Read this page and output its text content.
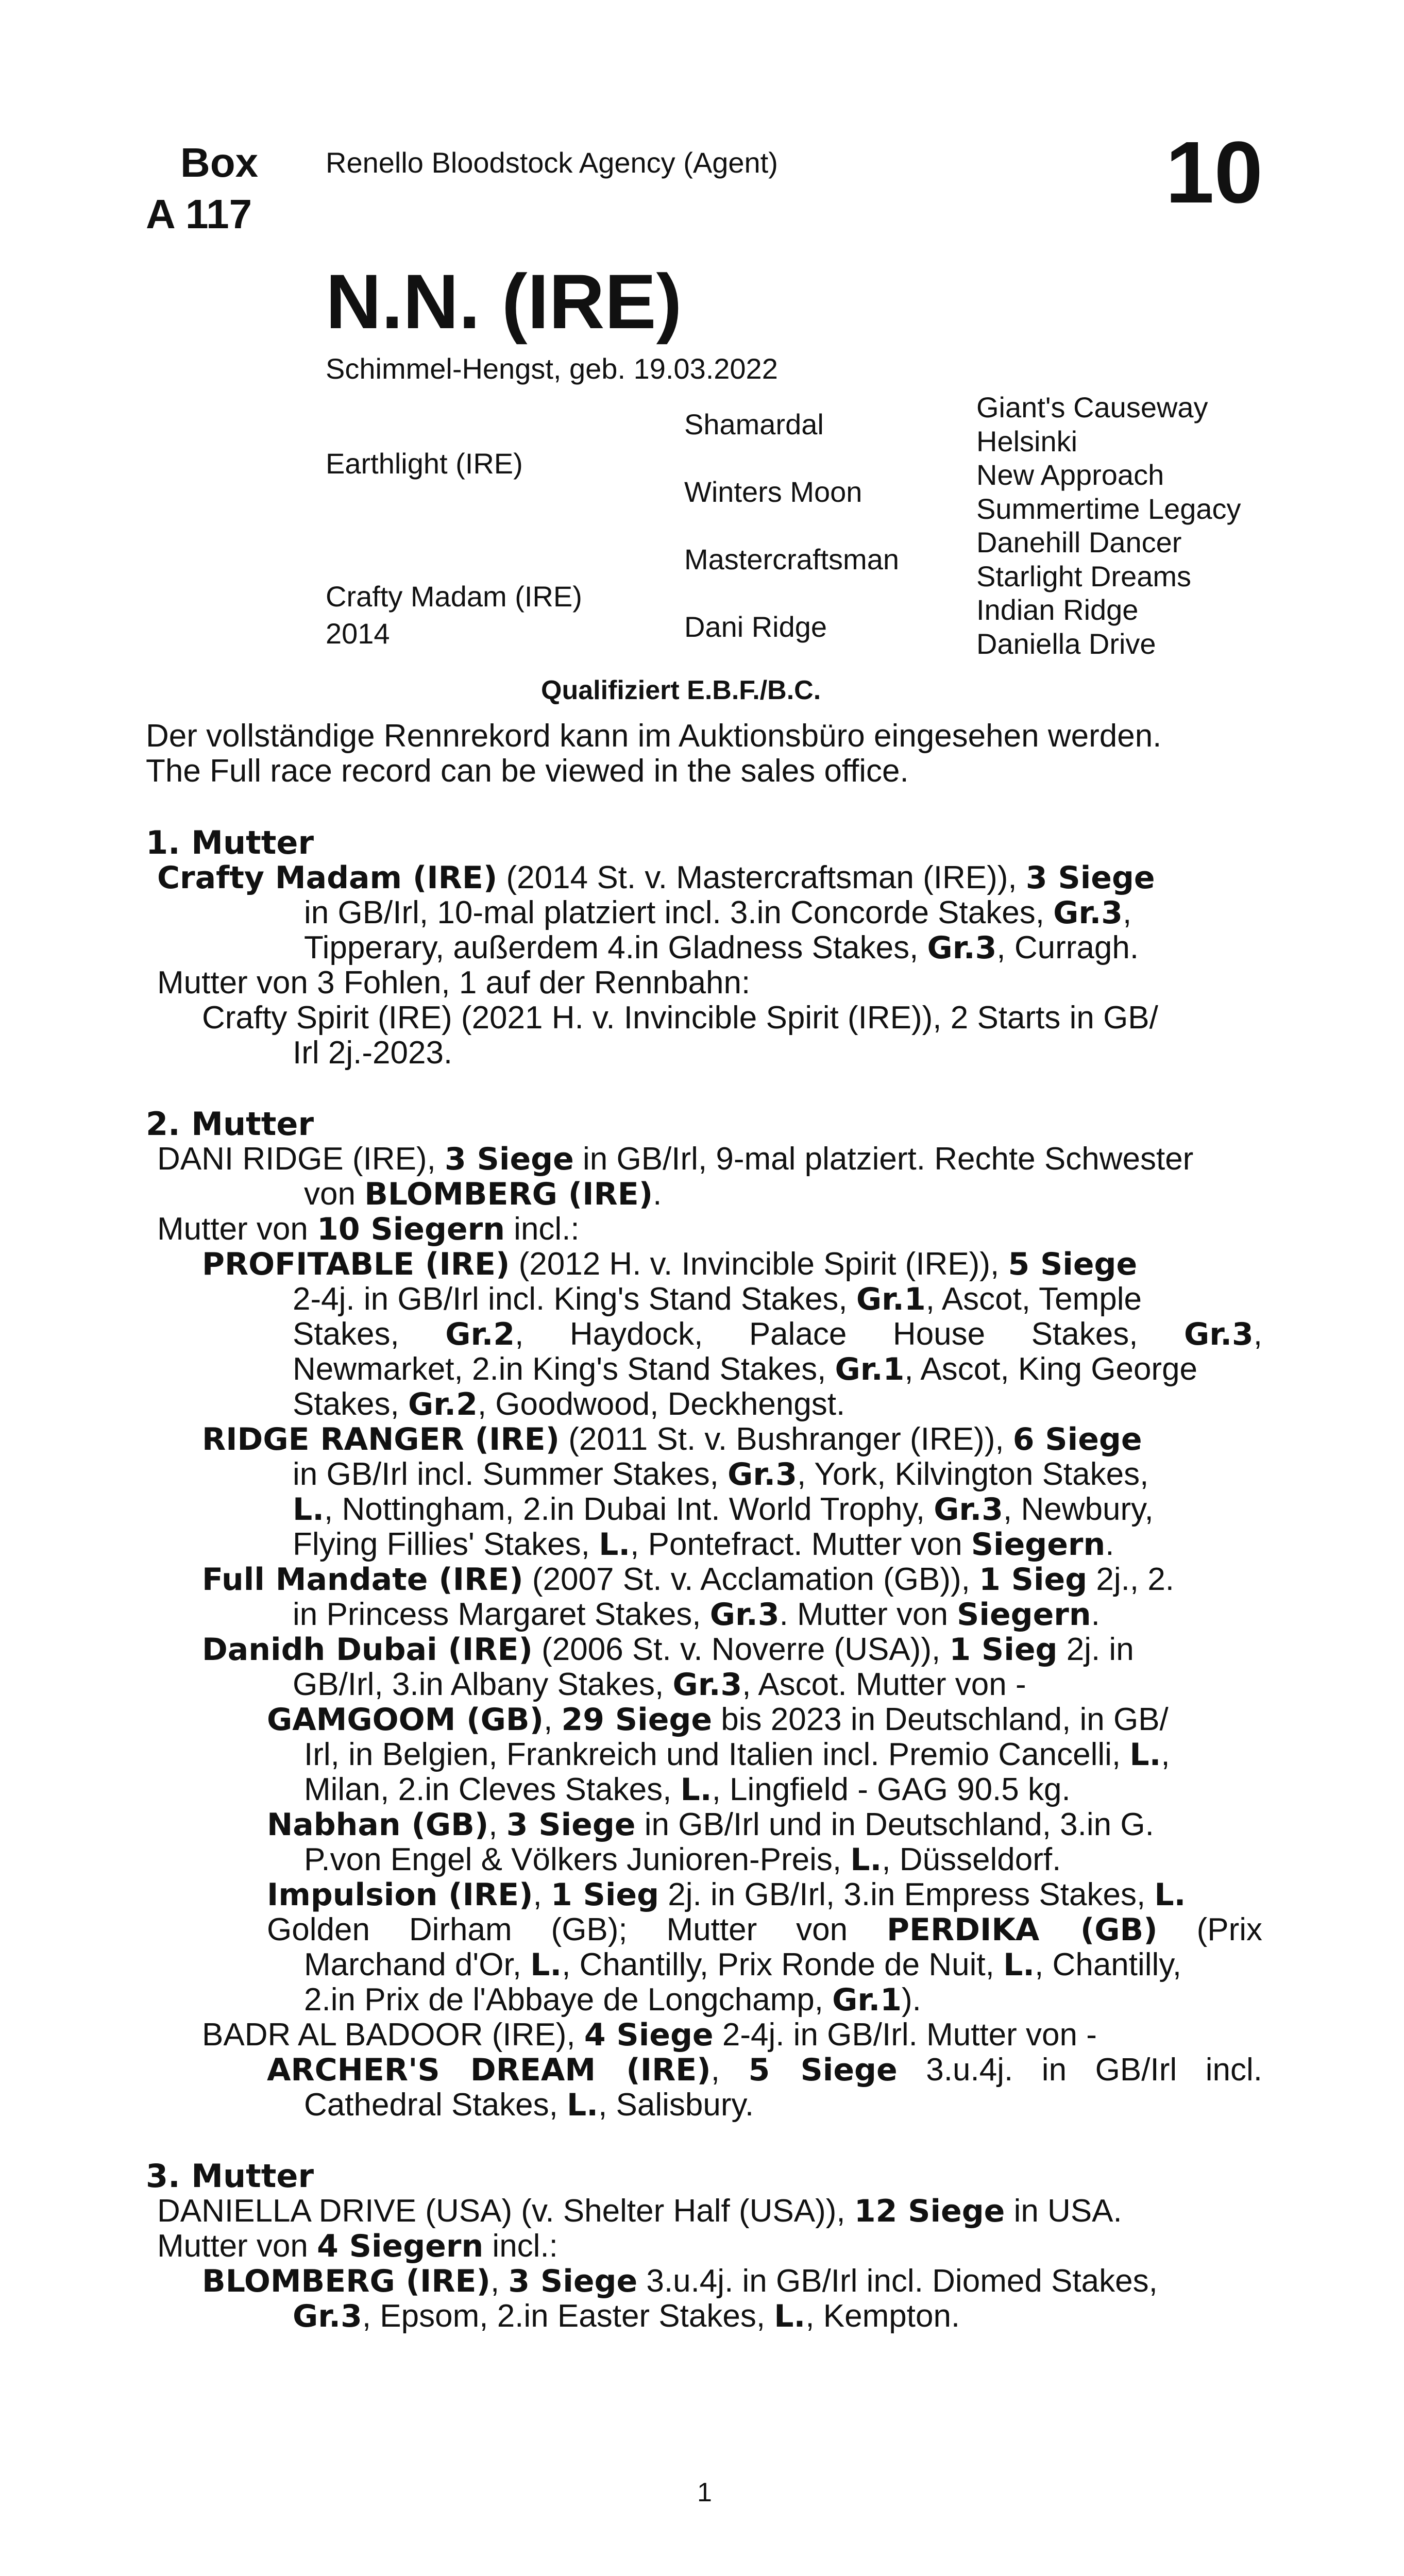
Box
A 117
Renello Bloodstock Agency (Agent)	10
N.N. (IRE)
Schimmel-Hengst, geb. 19.03.2022
Earthlight (IRE)
Crafty Madam (IRE)
2014
Shamardal
Winters Moon
Mastercraftsman
Dani Ridge
Giant's Causeway
Helsinki
New Approach
Summertime Legacy
Danehill Dancer
Starlight Dreams
Indian Ridge
Daniella Drive
Qualifiziert E.B.F./B.C.
Der vollständige Rennrekord kann im Auktionsbüro eingesehen werden.
The Full race record can be viewed in the sales office.
1. Mutter
Crafty Madam (IRE) (2014 St. v. Mastercraftsman (IRE)), 3 Siege
in GB/Irl, 10-mal platziert incl. 3.in Concorde Stakes, Gr.3,
Tipperary, außerdem 4.in Gladness Stakes, Gr.3, Curragh.
Mutter von 3 Fohlen, 1 auf der Rennbahn:
Crafty Spirit (IRE) (2021 H. v. Invincible Spirit (IRE)), 2 Starts in GB/
Irl 2j.-2023.
2. Mutter
DANI RIDGE (IRE), 3 Siege in GB/Irl, 9-mal platziert. Rechte Schwester
von BLOMBERG (IRE).
Mutter von 10 Siegern incl.:
PROFITABLE (IRE) (2012 H. v. Invincible Spirit (IRE)), 5 Siege
2-4j. in GB/Irl incl. King's Stand Stakes, Gr.1, Ascot, Temple
Stakes, Gr.2, Haydock, Palace House Stakes, Gr.3,
Newmarket, 2.in King's Stand Stakes, Gr.1, Ascot, King George
Stakes, Gr.2, Goodwood, Deckhengst.
RIDGE RANGER (IRE) (2011 St. v. Bushranger (IRE)), 6 Siege
in GB/Irl incl. Summer Stakes, Gr.3, York, Kilvington Stakes,
L., Nottingham, 2.in Dubai Int. World Trophy, Gr.3, Newbury,
Flying Fillies' Stakes, L., Pontefract. Mutter von Siegern.
Full Mandate (IRE) (2007 St. v. Acclamation (GB)), 1 Sieg 2j., 2.
in Princess Margaret Stakes, Gr.3. Mutter von Siegern.
Danidh Dubai (IRE) (2006 St. v. Noverre (USA)), 1 Sieg 2j. in
GB/Irl, 3.in Albany Stakes, Gr.3, Ascot. Mutter von -
GAMGOOM (GB), 29 Siege bis 2023 in Deutschland, in GB/
Irl, in Belgien, Frankreich und Italien incl. Premio Cancelli, L.,
Milan, 2.in Cleves Stakes, L., Lingfield - GAG 90.5 kg.
Nabhan (GB), 3 Siege in GB/Irl und in Deutschland, 3.in G.
P.von Engel & Völkers Junioren-Preis, L., Düsseldorf.
Impulsion (IRE), 1 Sieg 2j. in GB/Irl, 3.in Empress Stakes, L.
Golden Dirham (GB); Mutter von PERDIKA (GB) (Prix
Marchand d'Or, L., Chantilly, Prix Ronde de Nuit, L., Chantilly,
2.in Prix de l'Abbaye de Longchamp, Gr.1).
BADR AL BADOOR (IRE), 4 Siege 2-4j. in GB/Irl. Mutter von -
ARCHER'S DREAM (IRE), 5 Siege 3.u.4j. in GB/Irl incl.
Cathedral Stakes, L., Salisbury.
3. Mutter
DANIELLA DRIVE (USA) (v. Shelter Half (USA)), 12 Siege in USA.
Mutter von 4 Siegern incl.:
BLOMBERG (IRE), 3 Siege 3.u.4j. in GB/Irl incl. Diomed Stakes,
Gr.3, Epsom, 2.in Easter Stakes, L., Kempton.
1
